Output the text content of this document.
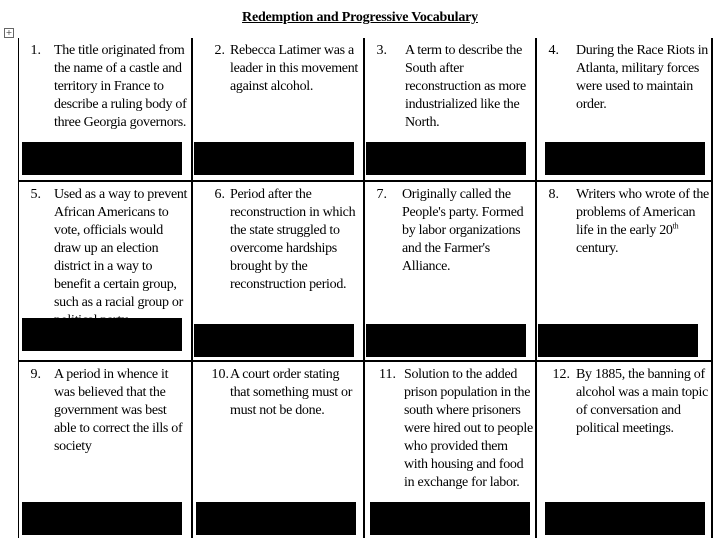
Redemption and Progressive Vocabulary
+
1. The title originated from the name of a castle and territory in France to describe a ruling body of three Georgia governors.
2. Rebecca Latimer was a leader in this movement against alcohol.
3. A term to describe the South after reconstruction as more industrialized like the North.
4. During the Race Riots in Atlanta, military forces were used to maintain order.
5. Used as a way to prevent African Americans to vote, officials would draw up an election district in a way to benefit a certain group, such as a racial group or
6. Period after the reconstruction in which the state struggled to overcome hardships brought by the reconstruction period.
7. Originally called the People's party. Formed by labor organizations and the Farmer's Alliance.
8. Writers who wrote of the problems of American life in the early 20th century.
9. A period in whence it was believed that the government was best able to correct the ills of society
10. A court order stating that something must or must not be done.
11. Solution to the added prison population in the south where prisoners were hired out to people who provided them with housing and food in exchange for labor.
12. By 1885, the banning of alcohol was a main topic of conversation and political meetings.
